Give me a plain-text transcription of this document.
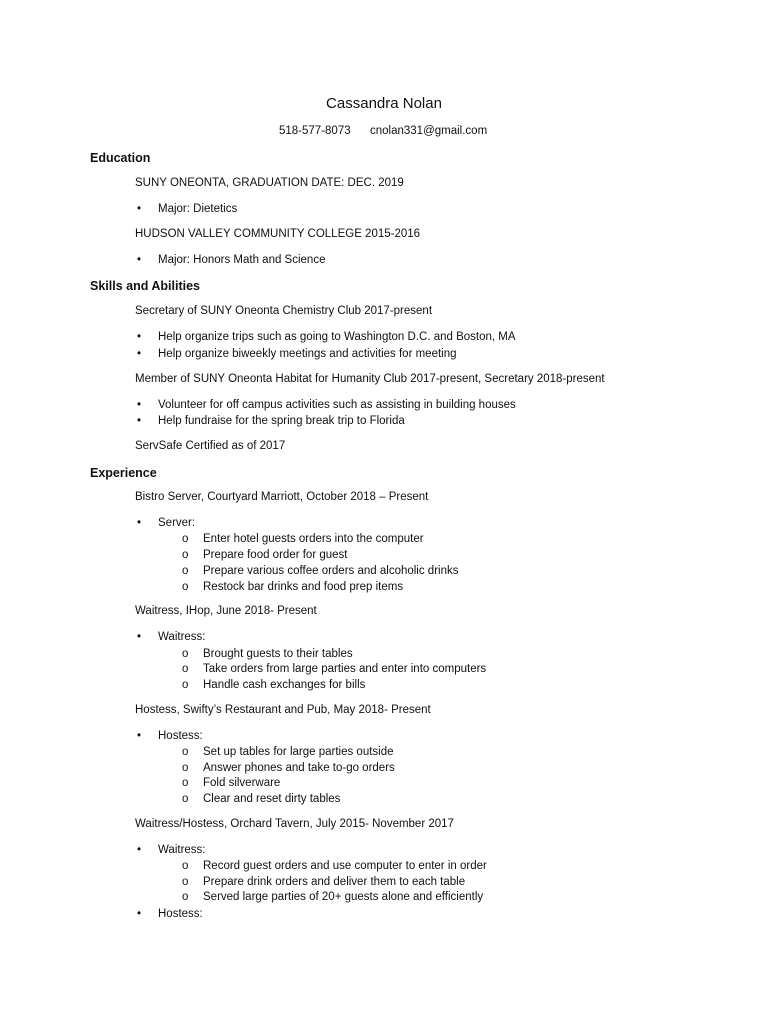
Cassandra Nolan
518-577-8073 cnolan331@gmail.com
Education
SUNY ONEONTA, GRADUATION DATE: DEC. 2019
• Major: Dietetics
HUDSON VALLEY COMMUNITY COLLEGE 2015-2016
• Major: Honors Math and Science
Skills and Abilities
Secretary of SUNY Oneonta Chemistry Club 2017-present
• Help organize trips such as going to Washington D.C. and Boston, MA
• Help organize biweekly meetings and activities for meeting
Member of SUNY Oneonta Habitat for Humanity Club 2017-present, Secretary 2018-present
• Volunteer for off campus activities such as assisting in building houses
• Help fundraise for the spring break trip to Florida
ServSafe Certified as of 2017
Experience
Bistro Server, Courtyard Marriott, October 2018 – Present
• Server:
o Enter hotel guests orders into the computer
o Prepare food order for guest
o Prepare various coffee orders and alcoholic drinks
o Restock bar drinks and food prep items
Waitress, IHop, June 2018- Present
• Waitress:
o Brought guests to their tables
o Take orders from large parties and enter into computers
o Handle cash exchanges for bills
Hostess, Swifty’s Restaurant and Pub, May 2018- Present
• Hostess:
o Set up tables for large parties outside
o Answer phones and take to-go orders
o Fold silverware
o Clear and reset dirty tables
Waitress/Hostess, Orchard Tavern, July 2015- November 2017
• Waitress:
o Record guest orders and use computer to enter in order
o Prepare drink orders and deliver them to each table
o Served large parties of 20+ guests alone and efficiently
• Hostess:
